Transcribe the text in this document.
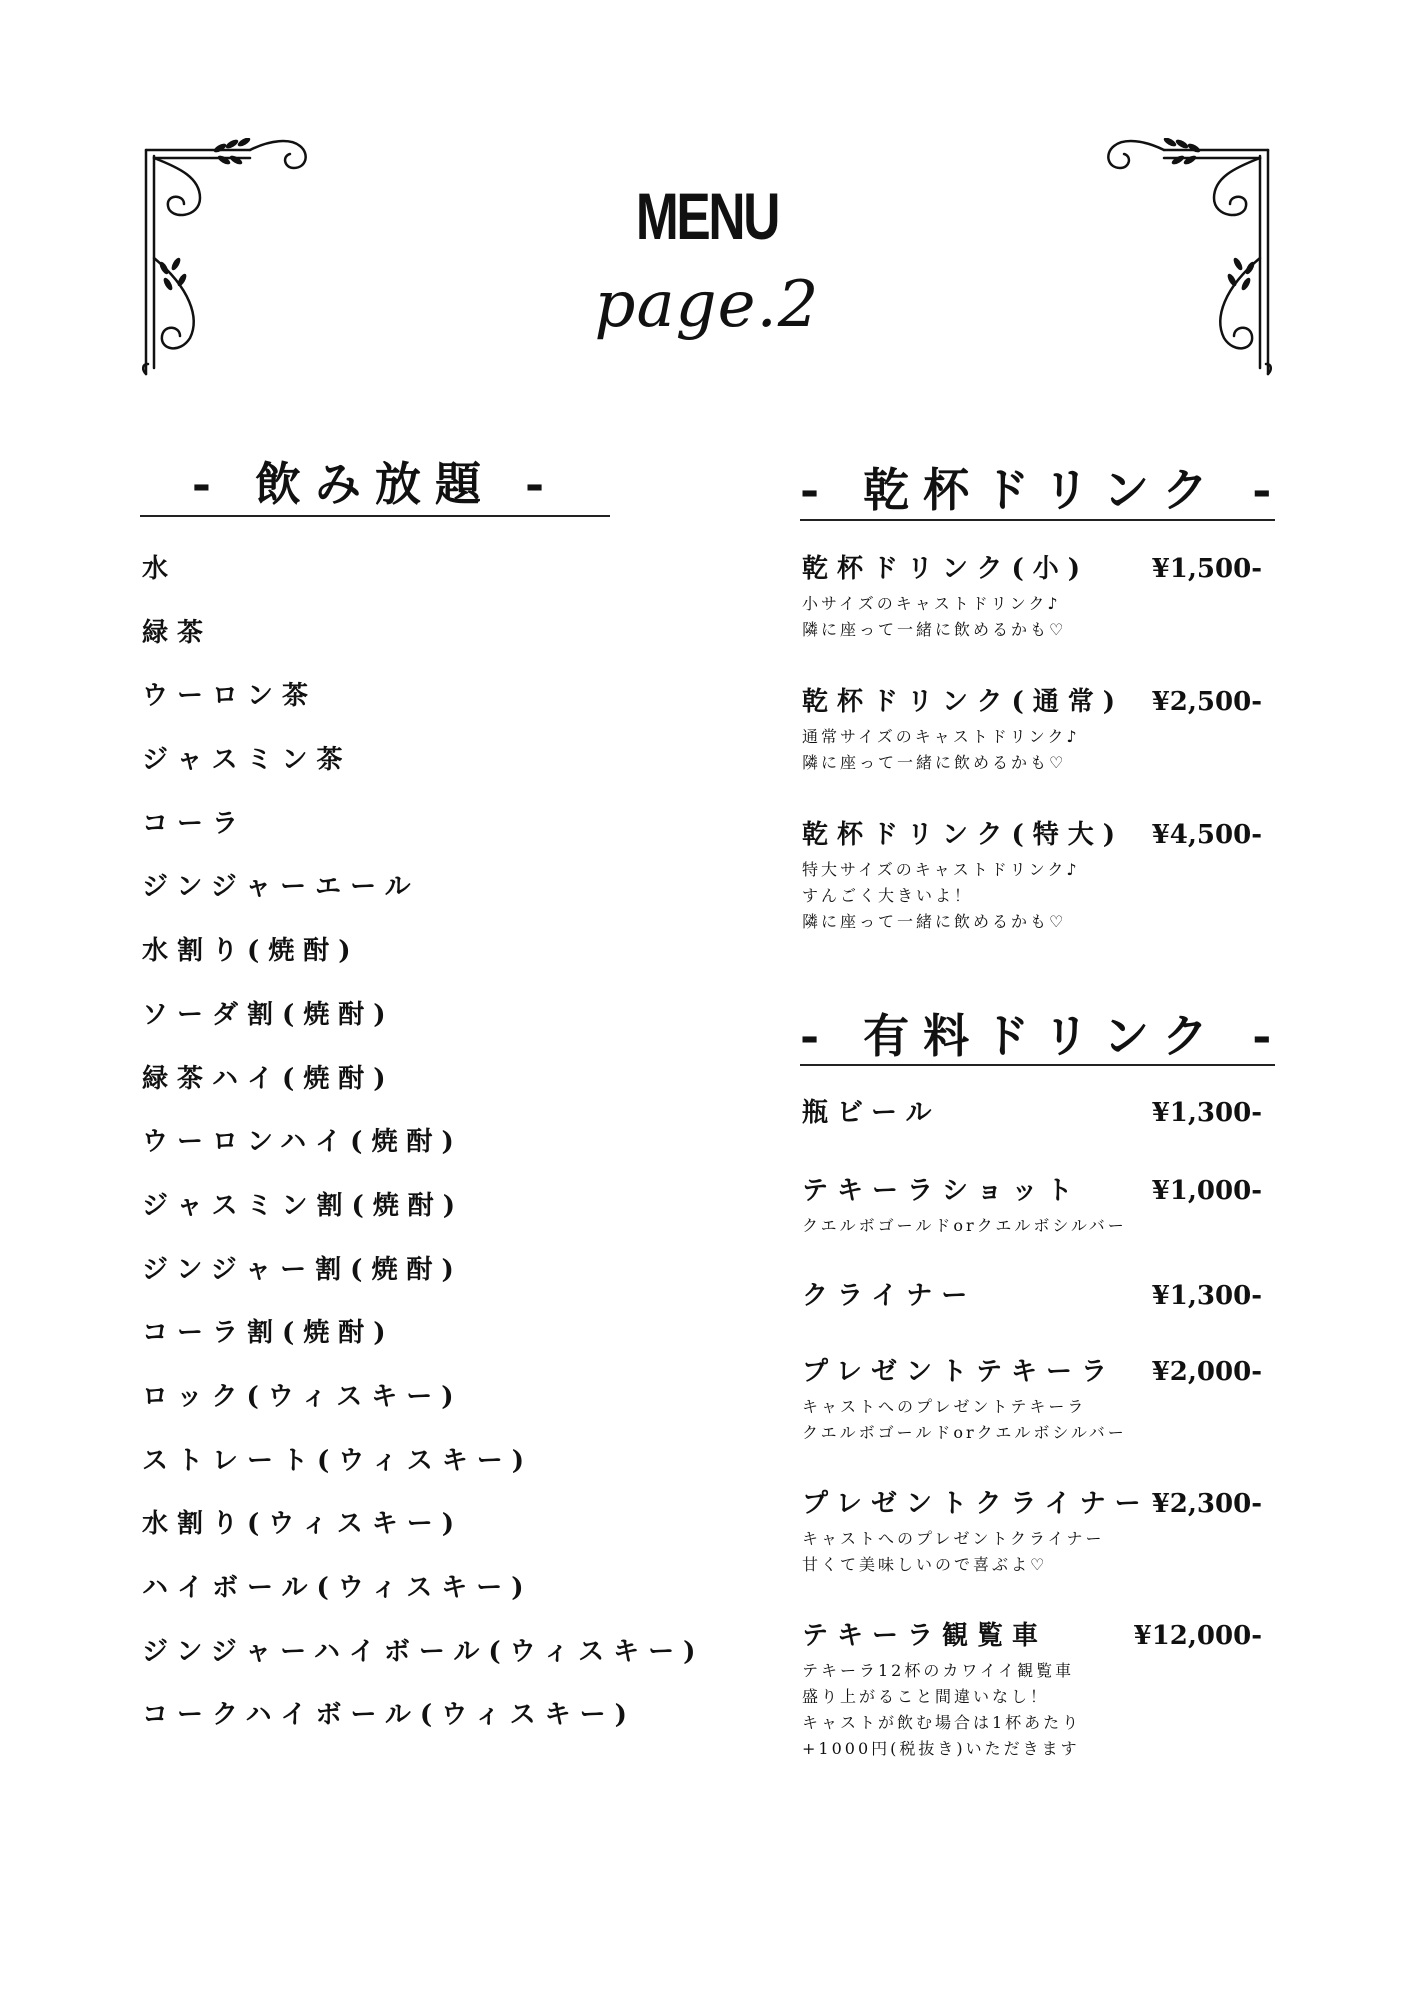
MENU
page.2
- 飲み放題 -
水
緑茶
ウーロン茶
ジャスミン茶
コーラ
ジンジャーエール
水割り(焼酎)
ソーダ割(焼酎)
緑茶ハイ(焼酎)
ウーロンハイ(焼酎)
ジャスミン割(焼酎)
ジンジャー割(焼酎)
コーラ割(焼酎)
ロック(ウィスキー)
ストレート(ウィスキー)
水割り(ウィスキー)
ハイボール(ウィスキー)
ジンジャーハイボール(ウィスキー)
コークハイボール(ウィスキー)
- 乾杯ドリンク -
乾杯ドリンク(小) ¥1,500-
小サイズのキャストドリンク♪
隣に座って一緒に飲めるかも♡
乾杯ドリンク(通常) ¥2,500-
通常サイズのキャストドリンク♪
隣に座って一緒に飲めるかも♡
乾杯ドリンク(特大) ¥4,500-
特大サイズのキャストドリンク♪
すんごく大きいよ！
隣に座って一緒に飲めるかも♡
- 有料ドリンク -
瓶ビール	¥1,300-
テキーラショット	¥1,000-
クエルボゴールドorクエルボシルバー
クライナー	¥1,300-
プレゼントテキーラ ¥2,000-
キャストへのプレゼントテキーラ
クエルボゴールドorクエルボシルバー
プレゼントクライナー ¥2,300-
キャストへのプレゼントクライナー
甘くて美味しいので喜ぶよ♡
テキーラ観覧車	¥12,000-
テキーラ12杯のカワイイ観覧車
盛り上がること間違いなし！
キャストが飲む場合は1杯あたり
+1000円(税抜き)いただきます
